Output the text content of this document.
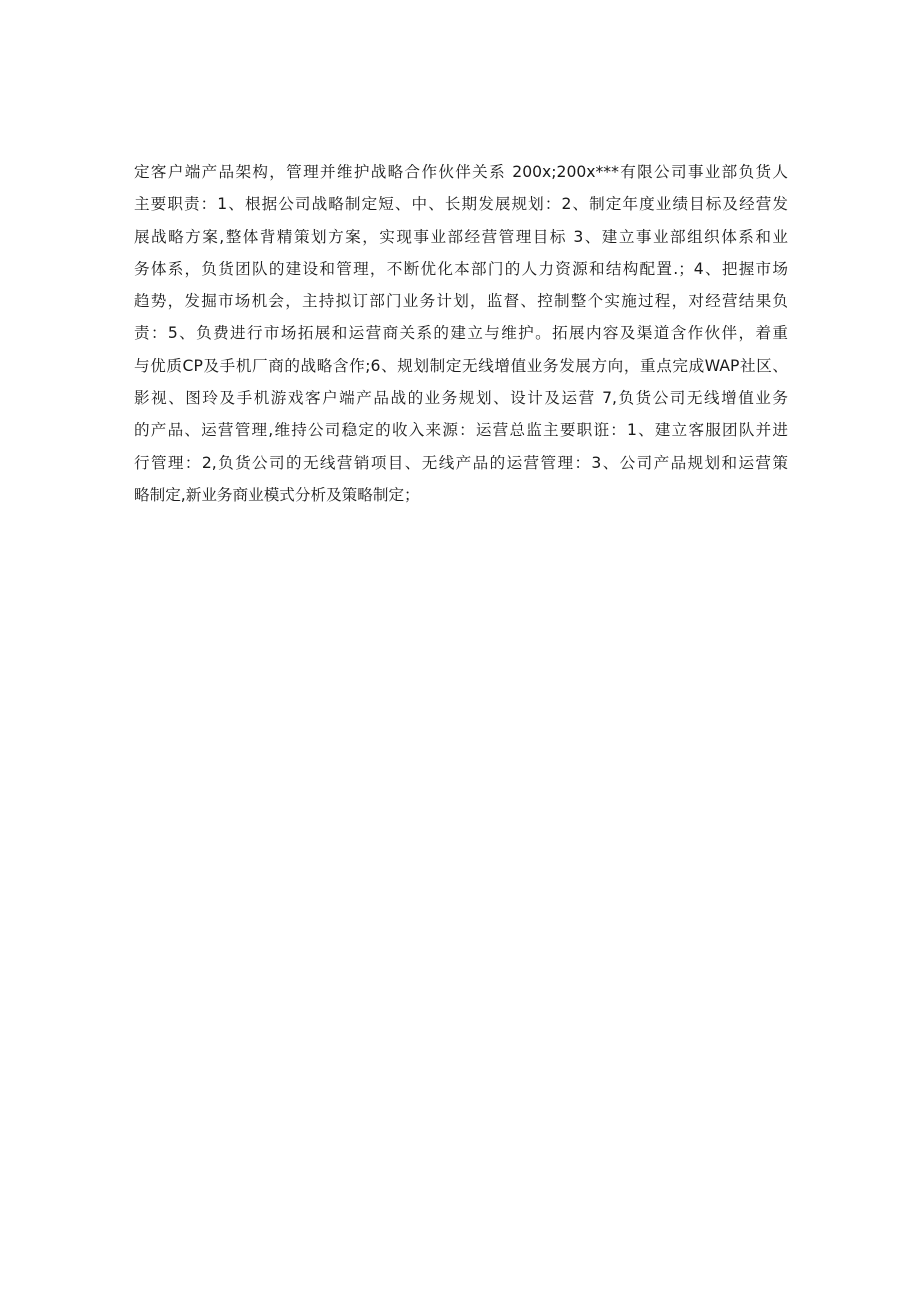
定客户端产品架构，管理并维护战略合作伙伴关系 200x;200x***有限公司事业部负货人
主要职责：1、根据公司战略制定短、中、长期发展规划：2、制定年度业绩目标及经营发
展战略方案,整体背精策划方案，实现事业部经营管理目标 3、建立事业部组织体系和业
务体系，负货团队的建设和管理，不断优化本部门的人力资源和结构配置.；4、把握市场
趋势，发掘市场机会，主持拟订部门业务计划，监督、控制整个实施过程，对经营结果负
责：5、负费进行市场拓展和运营商关系的建立与维护。拓展内容及渠道含作伙伴，着重
与优质CP及手机厂商的战略含作;6、规划制定无线增值业务发展方向，重点完成WAP社区、
影视、图玲及手机游戏客户端产品战的业务规划、设计及运营 7,负货公司无线增值业务
的产品、运营管理,维持公司稳定的收入来源：运营总监主要职诳：1、建立客服团队并进
行管理：2,负货公司的无线营销项目、无线产品的运营管理：3、公司产品规划和运营策
略制定,新业务商业模式分析及策略制定；
